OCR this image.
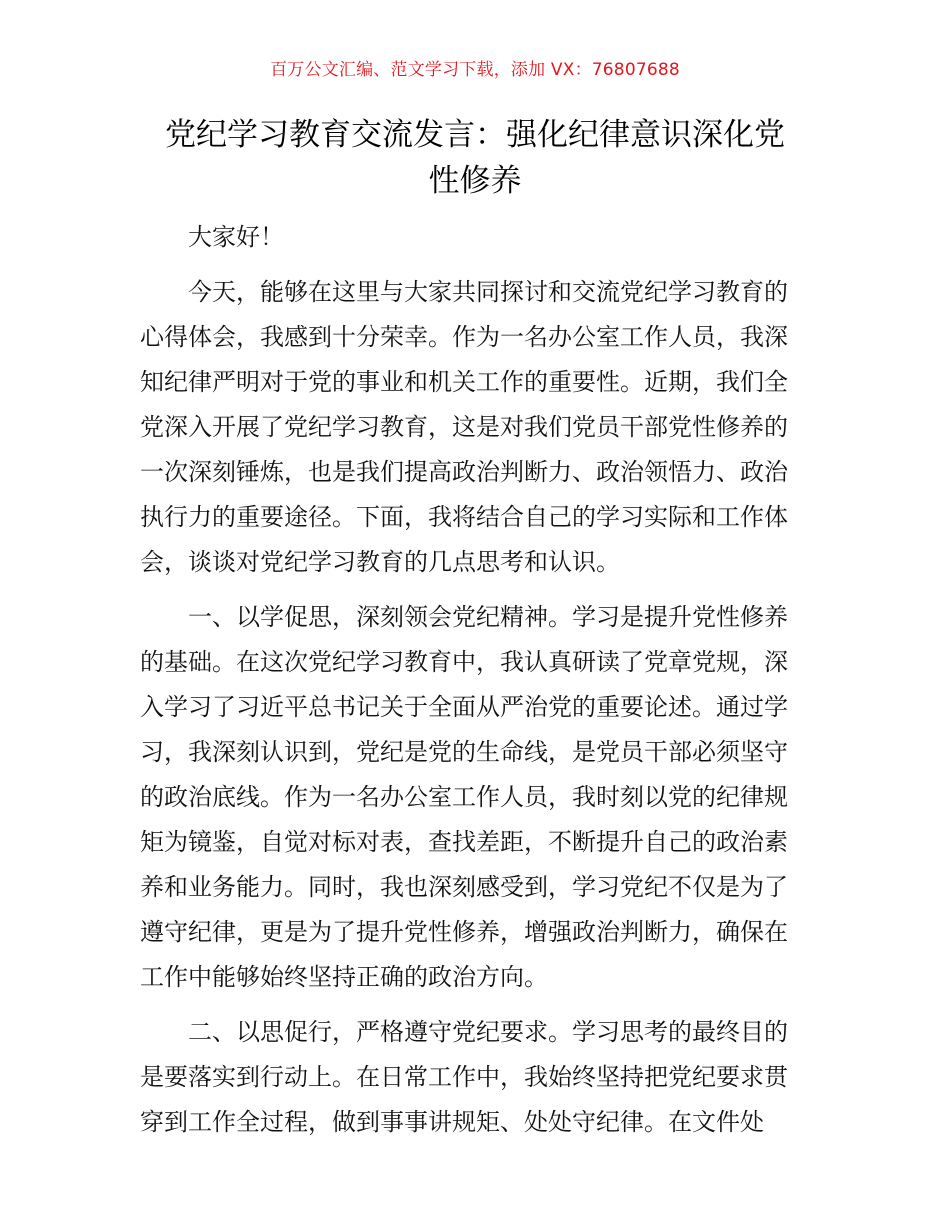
百万公文汇编、范文学习下载，添加 VX：76807688
党纪学习教育交流发言：强化纪律意识深化党
性修养

大家好！

今天，能够在这里与大家共同探讨和交流党纪学习教育的
心得体会，我感到十分荣幸。作为一名办公室工作人员，我深
知纪律严明对于党的事业和机关工作的重要性。近期，我们全
党深入开展了党纪学习教育，这是对我们党员干部党性修养的
一次深刻锤炼，也是我们提高政治判断力、政治领悟力、政治
执行力的重要途径。下面，我将结合自己的学习实际和工作体
会，谈谈对党纪学习教育的几点思考和认识。

一、以学促思，深刻领会党纪精神。学习是提升党性修养
的基础。在这次党纪学习教育中，我认真研读了党章党规，深
入学习了习近平总书记关于全面从严治党的重要论述。通过学
习，我深刻认识到，党纪是党的生命线，是党员干部必须坚守
的政治底线。作为一名办公室工作人员，我时刻以党的纪律规
矩为镜鉴，自觉对标对表，查找差距，不断提升自己的政治素
养和业务能力。同时，我也深刻感受到，学习党纪不仅是为了
遵守纪律，更是为了提升党性修养，增强政治判断力，确保在
工作中能够始终坚持正确的政治方向。

二、以思促行，严格遵守党纪要求。学习思考的最终目的
是要落实到行动上。在日常工作中，我始终坚持把党纪要求贯
穿到工作全过程，做到事事讲规矩、处处守纪律。在文件处
